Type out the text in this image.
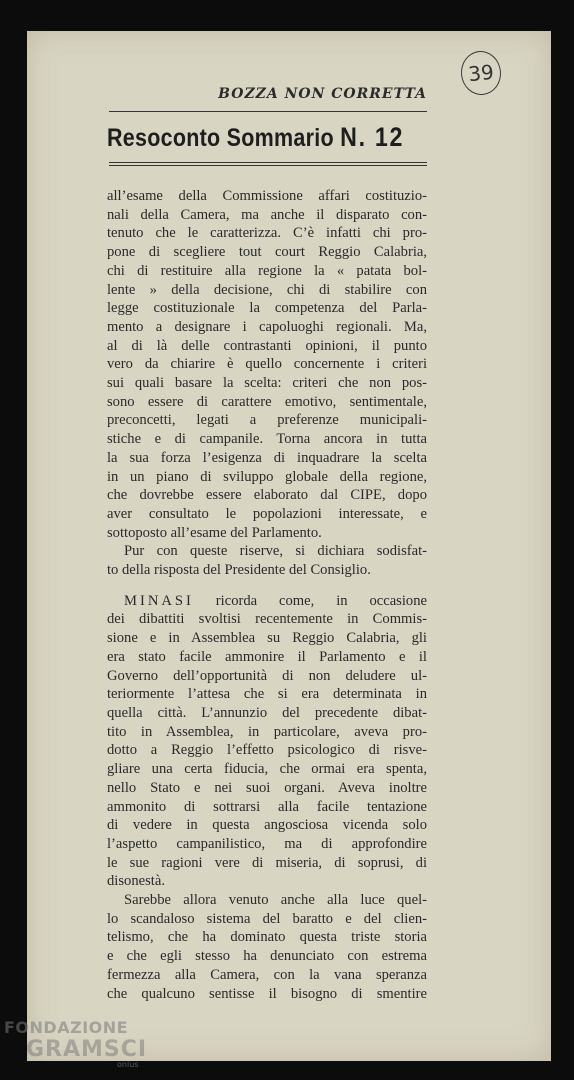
39
BOZZA NON CORRETTA
Resoconto Sommario N. 12
all’esame della Commissione affari costituzio-
nali della Camera, ma anche il disparato con-
tenuto che le caratterizza. C’è infatti chi pro-
pone di scegliere tout court Reggio Calabria,
chi di restituire alla regione la « patata bol-
lente » della decisione, chi di stabilire con
legge costituzionale la competenza del Parla-
mento a designare i capoluoghi regionali. Ma,
al di là delle contrastanti opinioni, il punto
vero da chiarire è quello concernente i criteri
sui quali basare la scelta: criteri che non pos-
sono essere di carattere emotivo, sentimentale,
preconcetti, legati a preferenze municipali-
stiche e di campanile. Torna ancora in tutta
la sua forza l’esigenza di inquadrare la scelta
in un piano di sviluppo globale della regione,
che dovrebbe essere elaborato dal CIPE, dopo
aver consultato le popolazioni interessate, e
sottoposto all’esame del Parlamento.
Pur con queste riserve, si dichiara sodisfat-
to della risposta del Presidente del Consiglio.
MINASI ricorda come, in occasione
dei dibattiti svoltisi recentemente in Commis-
sione e in Assemblea su Reggio Calabria, gli
era stato facile ammonire il Parlamento e il
Governo dell’opportunità di non deludere ul-
teriormente l’attesa che si era determinata in
quella città. L’annunzio del precedente dibat-
tito in Assemblea, in particolare, aveva pro-
dotto a Reggio l’effetto psicologico di risve-
gliare una certa fiducia, che ormai era spenta,
nello Stato e nei suoi organi. Aveva inoltre
ammonito di sottrarsi alla facile tentazione
di vedere in questa angosciosa vicenda solo
l’aspetto campanilistico, ma di approfondire
le sue ragioni vere di miseria, di soprusi, di
disonestà.
Sarebbe allora venuto anche alla luce quel-
lo scandaloso sistema del baratto e del clien-
telismo, che ha dominato questa triste storia
e che egli stesso ha denunciato con estrema
fermezza alla Camera, con la vana speranza
che qualcuno sentisse il bisogno di smentire
FONDAZIONE
GRAMSCI
onlus
